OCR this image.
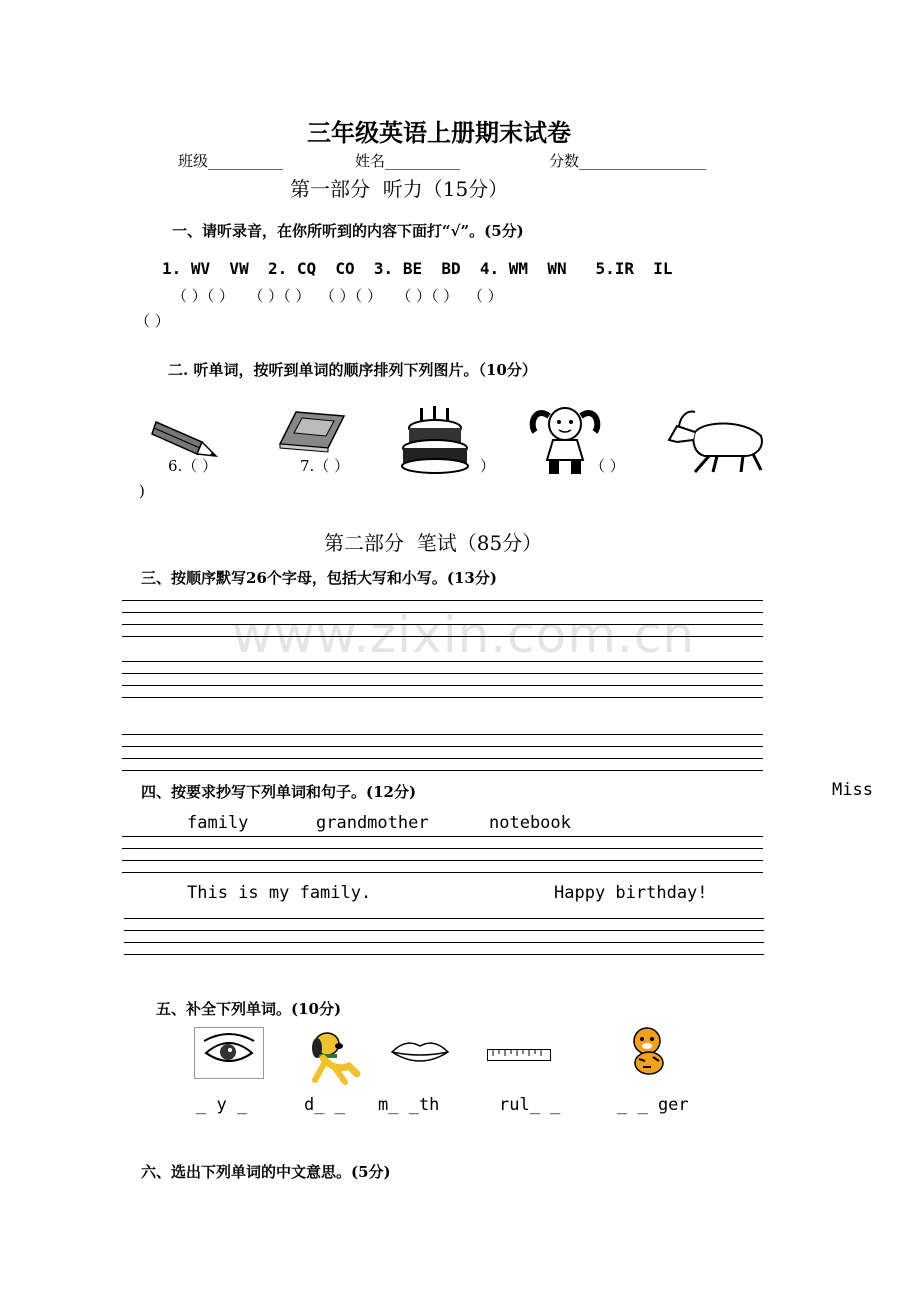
三年级英语上册期末试卷
班级__________	姓名__________	分数_________________
第一部分  听力（15分）
一、请听录音，在你所听到的内容下面打“√”。(5分)
1. WV  VW  2. CQ  CO  3. BE  BD  4. WM  WN   5.IR  IL
（ ）（ ）   （ ）（ ）  （ ）（ ）   （ ）（ ）  （ ）
（ ）
二. 听单词，按听到单词的顺序排列下列图片。（10分）
6.（ ）	7.（ ）	）	（ ）
)
第二部分  笔试（85分）
三、按顺序默写26个字母，包括大写和小写。(13分)
www.zixin.com.cn
四、按要求抄写下列单词和句子。(12分)	Miss
family	grandmother	notebook
This is my family.	Happy birthday!
五、补全下列单词。(10分)
_ y _	d_ _ m_ _th	rul_ _	_ _ ger
六、选出下列单词的中文意思。(5分)
